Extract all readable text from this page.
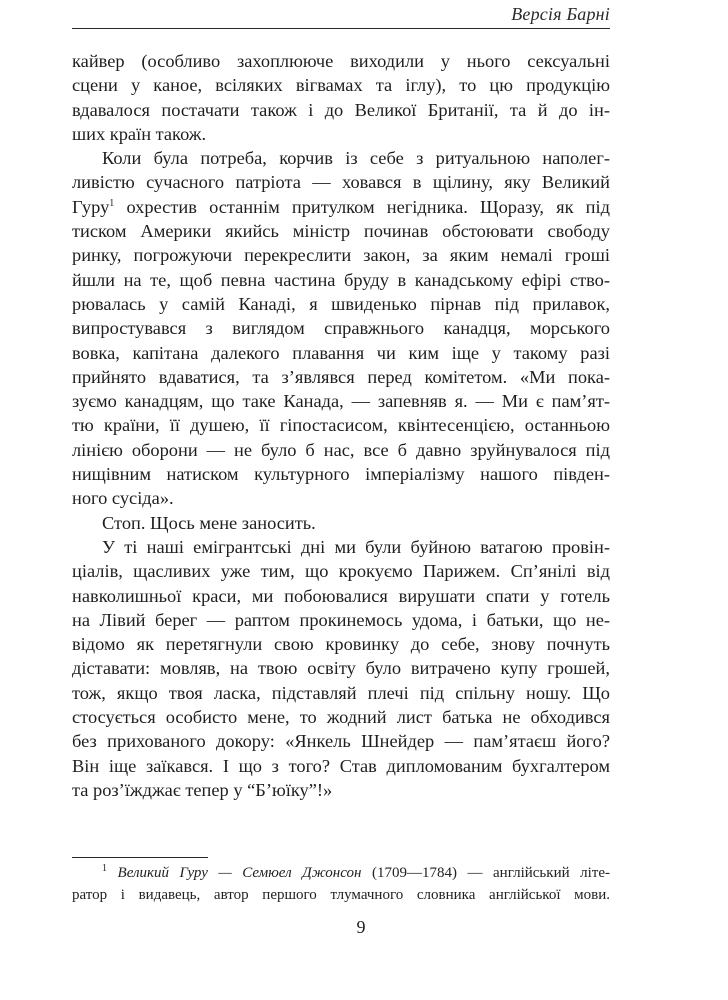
Версія Барні
кайвер (особливо захоплююче виходили у нього сексуальні
сцени у каное, всіляких вігвамах та іглу), то цю продукцію
вдавалося постачати також і до Великої Британії, та й до ін-
ших країн також.
Коли була потреба, корчив із себе з ритуальною наполег-
ливістю сучасного патріота — ховався в щілину, яку Великий
Гуру$^1$ охрестив останнім притулком негідника. Щоразу, як під
тиском Америки якийсь міністр починав обстоювати свободу
ринку, погрожуючи перекреслити закон, за яким немалі гроші
йшли на те, щоб певна частина бруду в канадському ефірі ство-
рювалась у самій Канаді, я швиденько пірнав під прилавок,
випростувався з виглядом справжнього канадця, морського
вовка, капітана далекого плавання чи ким іще у такому разі
прийнято вдаватися, та з’являвся перед комітетом. «Ми пока-
зуємо канадцям, що таке Канада, — запевняв я. — Ми є пам’ят-
тю країни, її душею, її гіпостасисом, квінтесенцією, останньою
лінією оборони — не було б нас, все б давно зруйнувалося під
нищівним натиском культурного імперіалізму нашого півден-
ного сусіда».
Стоп. Щось мене заносить.
У ті наші емігрантські дні ми були буйною ватагою провін-
ціалів, щасливих уже тим, що крокуємо Парижем. Сп’янілі від
навколишньої краси, ми побоювалися вирушати спати у готель
на Лівий берег — раптом прокинемось удома, і батьки, що не-
відомо як перетягнули свою кровинку до себе, знову почнуть
діставати: мовляв, на твою освіту було витрачено купу грошей,
тож, якщо твоя ласка, підставляй плечі під спільну ношу. Що
стосується особисто мене, то жодний лист батька не обходився
без прихованого докору: «Янкель Шнейдер — пам’ятаєш його?
Він іще заїкався. І що з того? Став дипломованим бухгалтером
та роз’їжджає тепер у “Б’юїку”!»
$^1$ Великий Гуру — Семюел Джонсон (1709—1784) — англійський літе-
ратор і видавець, автор першого тлумачного словника англійської мови.
9
